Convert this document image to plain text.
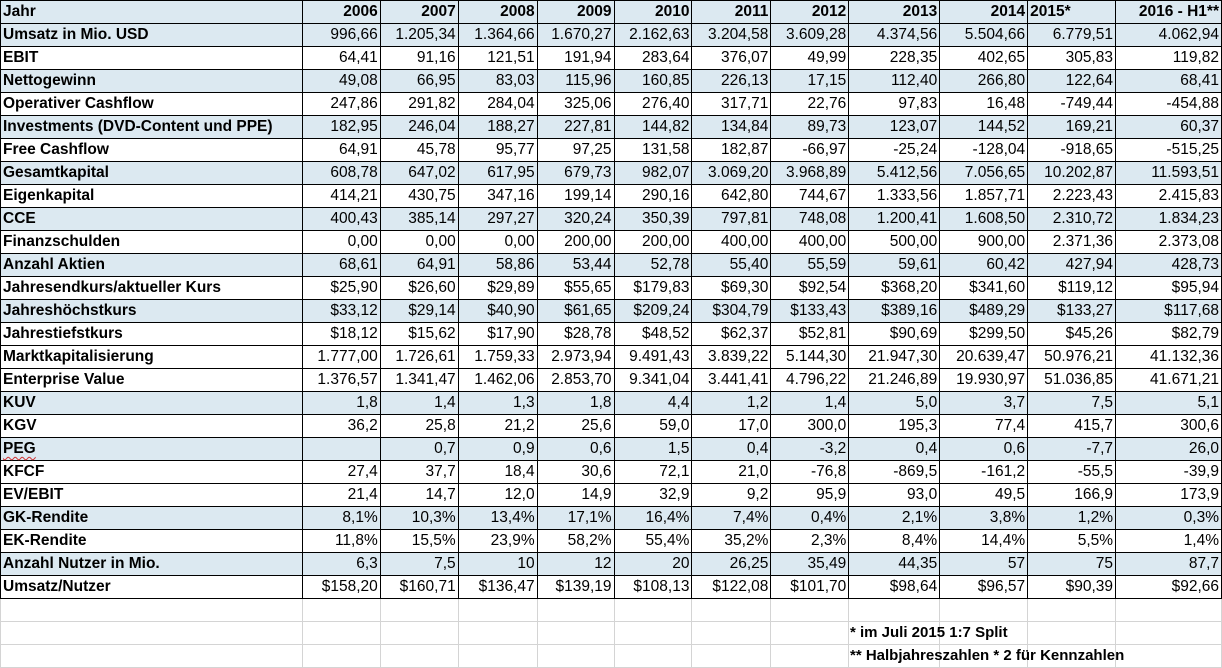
Jahr	2006	2007	2008	2009	2010	2011	2012	2013	2014	2015*	2016 - H1**
Umsatz in Mio. USD	996,66	1.205,34	1.364,66	1.670,27	2.162,63	3.204,58	3.609,28	4.374,56	5.504,66	6.779,51	4.062,94
EBIT	64,41	91,16	121,51	191,94	283,64	376,07	49,99	228,35	402,65	305,83	119,82
Nettogewinn	49,08	66,95	83,03	115,96	160,85	226,13	17,15	112,40	266,80	122,64	68,41
Operativer Cashflow	247,86	291,82	284,04	325,06	276,40	317,71	22,76	97,83	16,48	-749,44	-454,88
Investments (DVD-Content und PPE)	182,95	246,04	188,27	227,81	144,82	134,84	89,73	123,07	144,52	169,21	60,37
Free Cashflow	64,91	45,78	95,77	97,25	131,58	182,87	-66,97	-25,24	-128,04	-918,65	-515,25
Gesamtkapital	608,78	647,02	617,95	679,73	982,07	3.069,20	3.968,89	5.412,56	7.056,65	10.202,87	11.593,51
Eigenkapital	414,21	430,75	347,16	199,14	290,16	642,80	744,67	1.333,56	1.857,71	2.223,43	2.415,83
CCE	400,43	385,14	297,27	320,24	350,39	797,81	748,08	1.200,41	1.608,50	2.310,72	1.834,23
Finanzschulden	0,00	0,00	0,00	200,00	200,00	400,00	400,00	500,00	900,00	2.371,36	2.373,08
Anzahl Aktien	68,61	64,91	58,86	53,44	52,78	55,40	55,59	59,61	60,42	427,94	428,73
Jahresendkurs/aktueller Kurs	$25,90	$26,60	$29,89	$55,65	$179,83	$69,30	$92,54	$368,20	$341,60	$119,12	$95,94
Jahreshöchstkurs	$33,12	$29,14	$40,90	$61,65	$209,24	$304,79	$133,43	$389,16	$489,29	$133,27	$117,68
Jahrestiefstkurs	$18,12	$15,62	$17,90	$28,78	$48,52	$62,37	$52,81	$90,69	$299,50	$45,26	$82,79
Marktkapitalisierung	1.777,00	1.726,61	1.759,33	2.973,94	9.491,43	3.839,22	5.144,30	21.947,30	20.639,47	50.976,21	41.132,36
Enterprise Value	1.376,57	1.341,47	1.462,06	2.853,70	9.341,04	3.441,41	4.796,22	21.246,89	19.930,97	51.036,85	41.671,21
KUV	1,8	1,4	1,3	1,8	4,4	1,2	1,4	5,0	3,7	7,5	5,1
KGV	36,2	25,8	21,2	25,6	59,0	17,0	300,0	195,3	77,4	415,7	300,6
PEG		0,7	0,9	0,6	1,5	0,4	-3,2	0,4	0,6	-7,7	26,0
KFCF	27,4	37,7	18,4	30,6	72,1	21,0	-76,8	-869,5	-161,2	-55,5	-39,9
EV/EBIT	21,4	14,7	12,0	14,9	32,9	9,2	95,9	93,0	49,5	166,9	173,9
GK-Rendite	8,1%	10,3%	13,4%	17,1%	16,4%	7,4%	0,4%	2,1%	3,8%	1,2%	0,3%
EK-Rendite	11,8%	15,5%	23,9%	58,2%	55,4%	35,2%	2,3%	8,4%	14,4%	5,5%	1,4%
Anzahl Nutzer in Mio.	6,3	7,5	10	12	20	26,25	35,49	44,35	57	75	87,7
Umsatz/Nutzer	$158,20	$160,71	$136,47	$139,19	$108,13	$122,08	$101,70	$98,64	$96,57	$90,39	$92,66

* im Juli 2015 1:7 Split
** Halbjahreszahlen * 2 für Kennzahlen
